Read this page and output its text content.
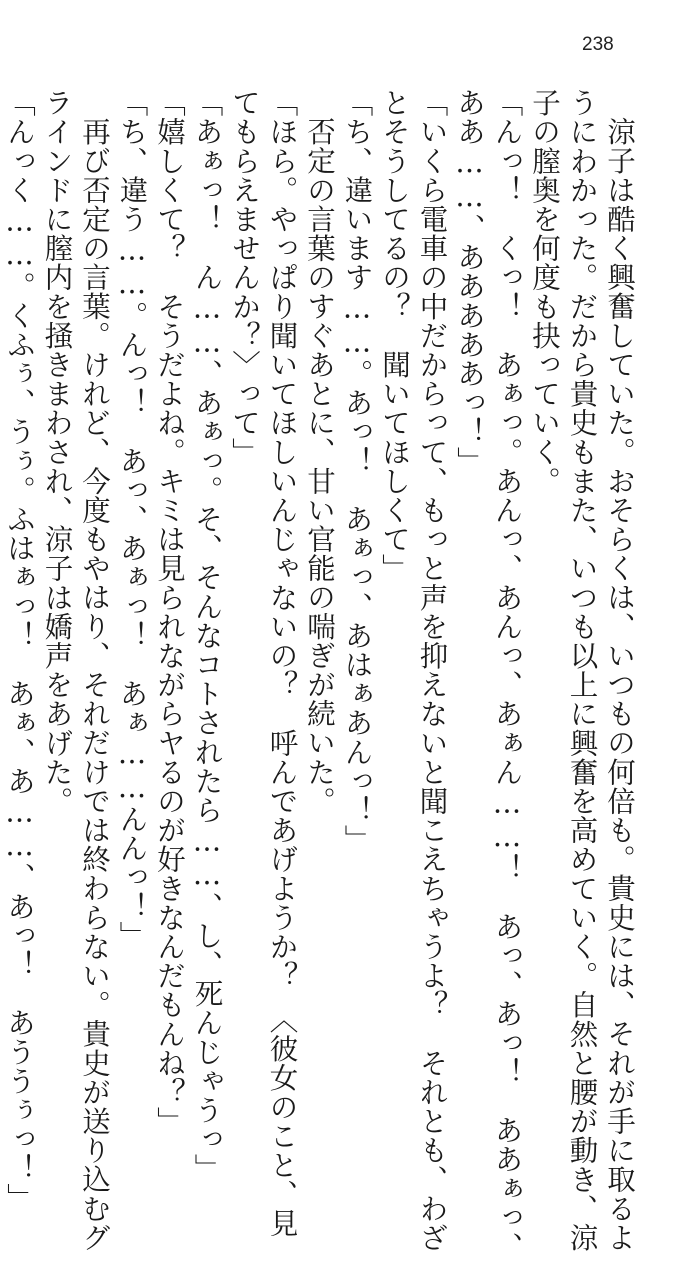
238

涼子は酷く興奮していた。おそらくは、いつもの何倍も。貴史には、それが手に取るよ

うにわかった。だから貴史もまた、いつも以上に興奮を高めていく。自然と腰が動き、涼

子の膣奥を何度も抉っていく。

「んっ！　くっ！　あぁっ。あんっ、あんっ、あぁん……！　あっ、あっ！　ああぁっ、

ああ……、あああああっ！」

「いくら電車の中だからって、もっと声を抑えないと聞こえちゃうよ？　それとも、わざ

とそうしてるの？　聞いてほしくて」

「ち、違います……。あっ！　あぁっ、あはぁあんっ！」

否定の言葉のすぐあとに、甘い官能の喘ぎが続いた。

「ほら。やっぱり聞いてほしいんじゃないの？　呼んであげようか？　〈彼女のこと、見

てもらえませんか？〉って」

「あぁっ！　ん……、あぁっ。そ、そんなコトされたら……、し、死んじゃうっ」

「嬉しくて？　そうだよね。キミは見られながらヤるのが好きなんだもんね？」

「ち、違う……。んっ！　あっ、あぁっ！　あぁ……んんっ！」

再び否定の言葉。けれど、今度もやはり、それだけでは終わらない。貴史が送り込むグ

ラインドに膣内を掻きまわされ、涼子は嬌声をあげた。

「んっく……。くふぅ、うぅ。ふはぁっ！　あぁ、あ……、あっ！　あううぅっ！」
